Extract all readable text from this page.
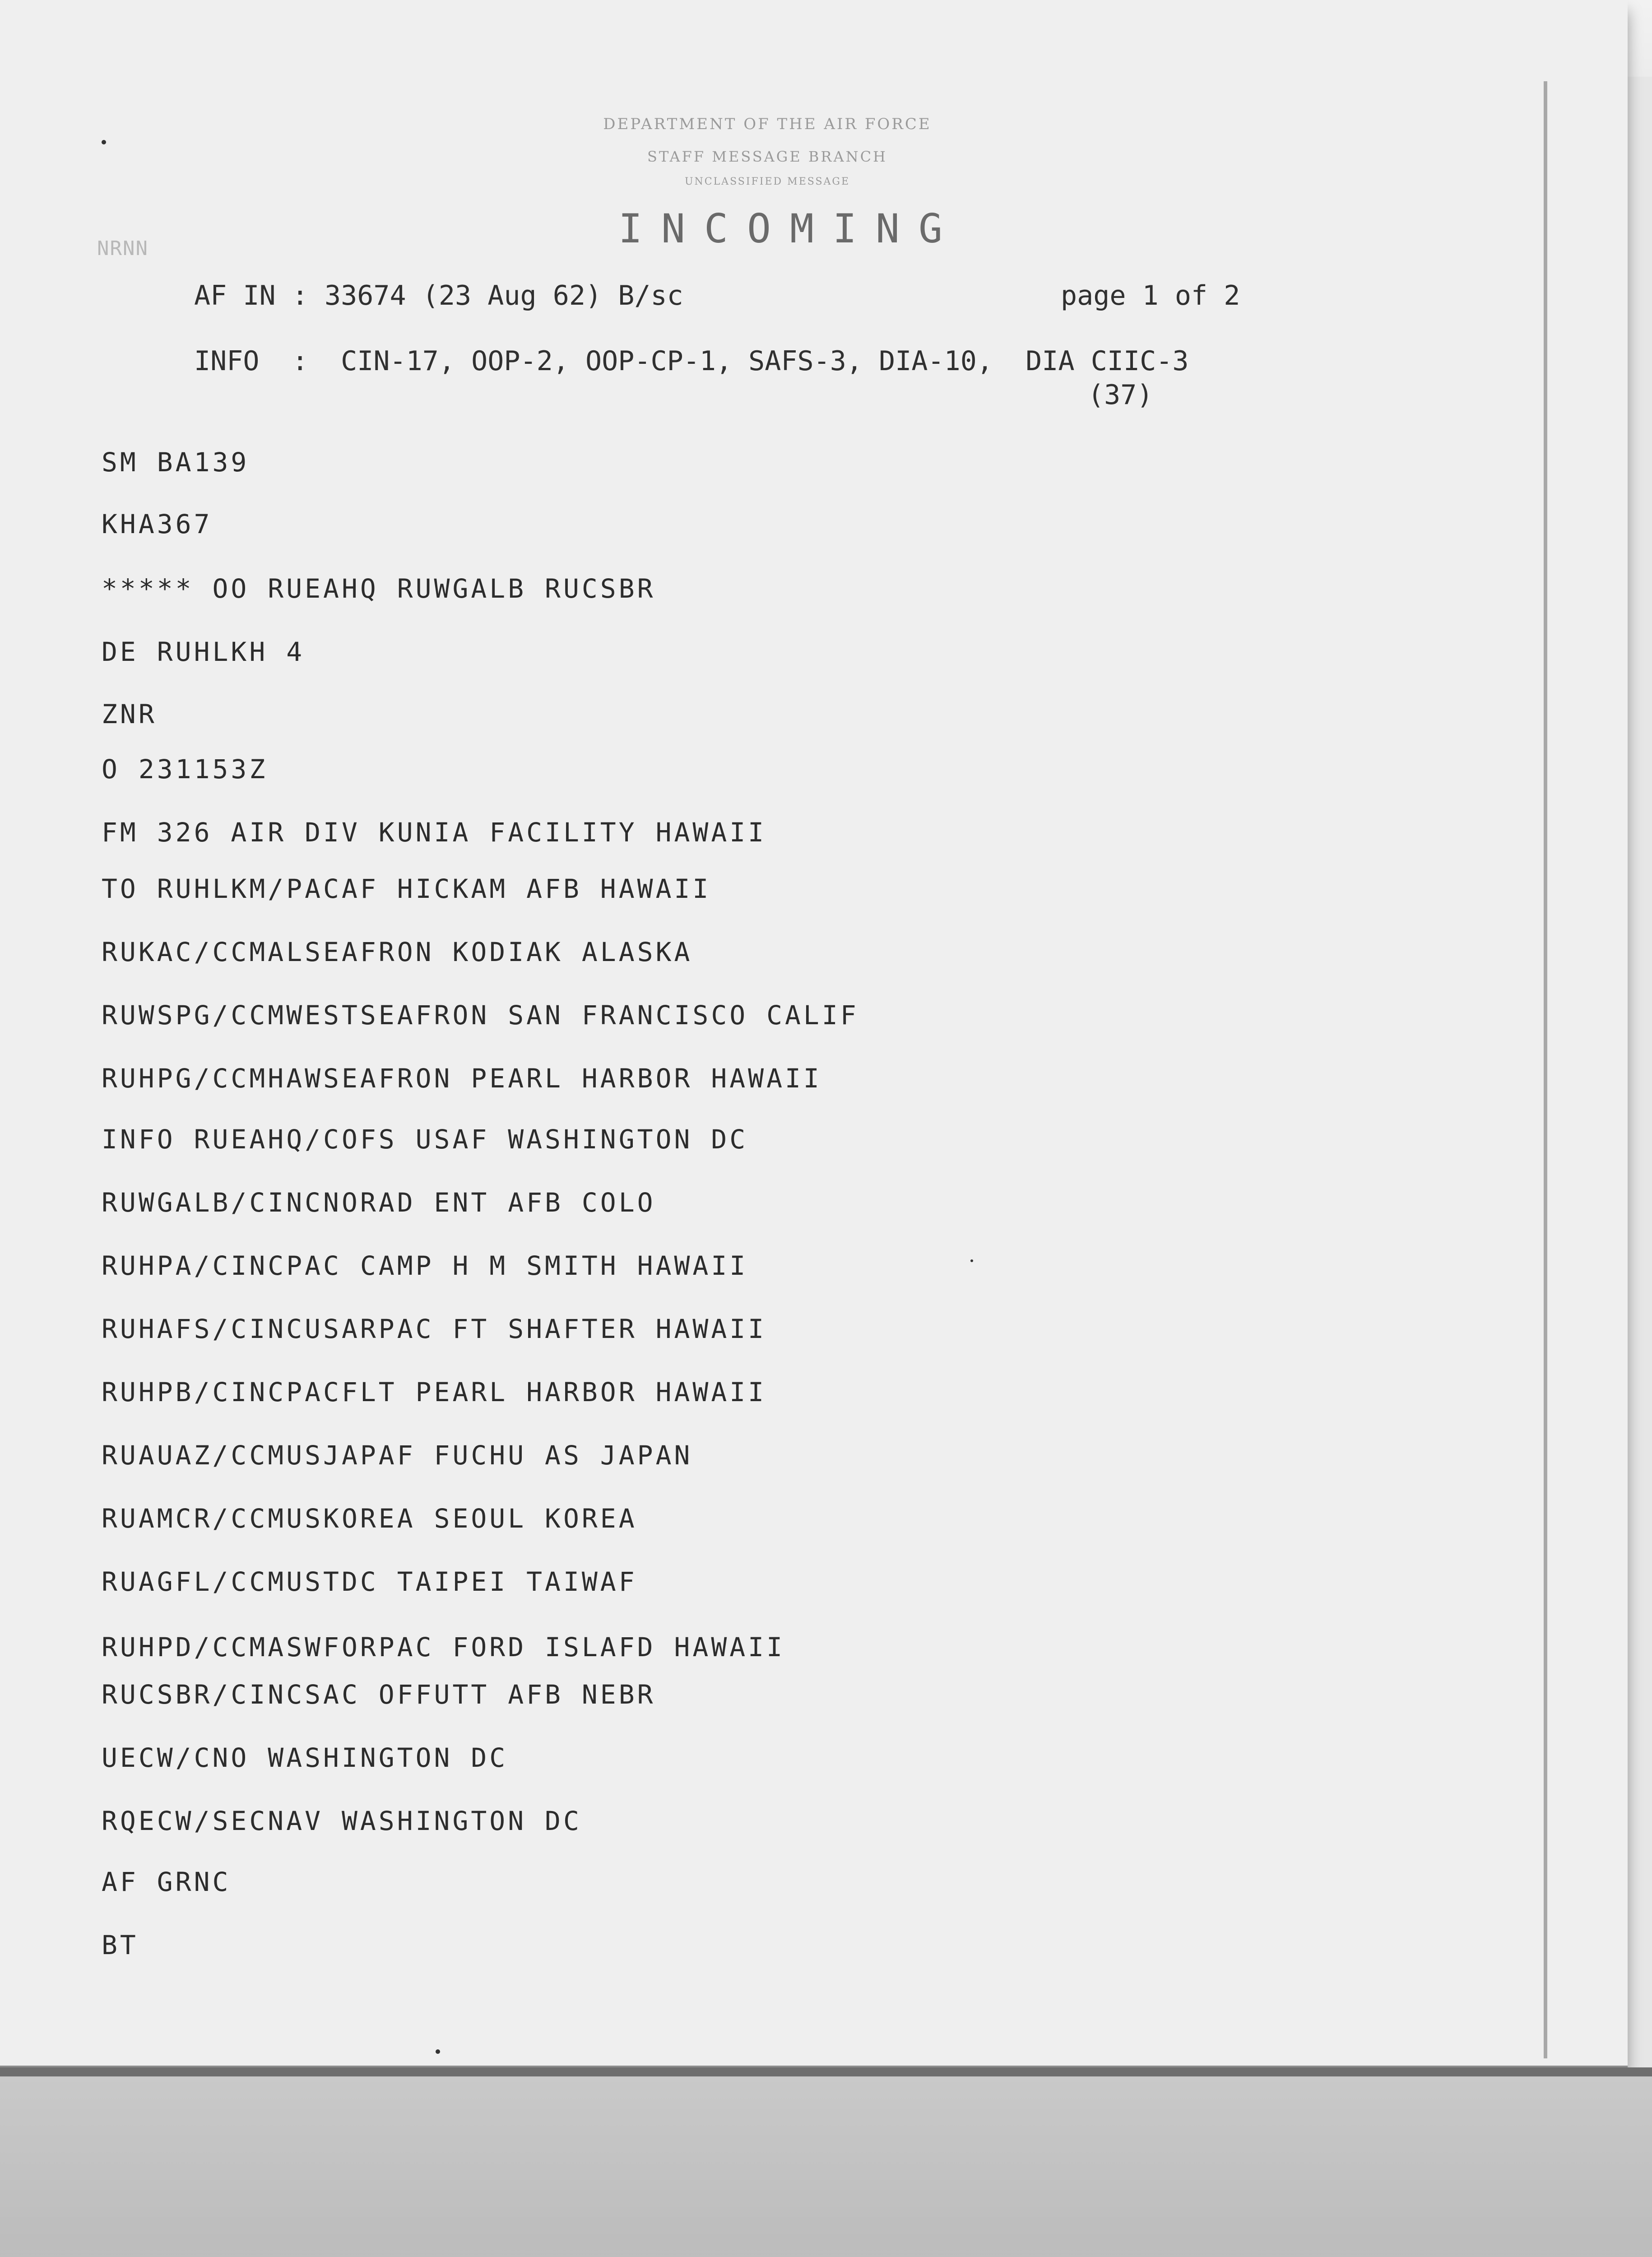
DEPARTMENT OF THE AIR FORCE
STAFF MESSAGE BRANCH
UNCLASSIFIED MESSAGE
INCOMING
NRNN
AF IN : 33674 (23 Aug 62) B/sc	page 1 of 2
INFO  :  CIN-17, OOP-2, OOP-CP-1, SAFS-3, DIA-10,  DIA CIIC-3
(37)
SM BA139
KHA367
***** OO RUEAHQ RUWGALB RUCSBR
DE RUHLKH 4
ZNR
O 231153Z
FM 326 AIR DIV KUNIA FACILITY HAWAII
TO RUHLKM/PACAF HICKAM AFB HAWAII
RUKAC/CCMALSEAFRON KODIAK ALASKA
RUWSPG/CCMWESTSEAFRON SAN FRANCISCO CALIF
RUHPG/CCMHAWSEAFRON PEARL HARBOR HAWAII
INFO RUEAHQ/COFS USAF WASHINGTON DC
RUWGALB/CINCNORAD ENT AFB COLO
RUHPA/CINCPAC CAMP H M SMITH HAWAII
RUHAFS/CINCUSARPAC FT SHAFTER HAWAII
RUHPB/CINCPACFLT PEARL HARBOR HAWAII
RUAUAZ/CCMUSJAPAF FUCHU AS JAPAN
RUAMCR/CCMUSKOREA SEOUL KOREA
RUAGFL/CCMUSTDC TAIPEI TAIWAF
RUHPD/CCMASWFORPAC FORD ISLAFD HAWAII
RUCSBR/CINCSAC OFFUTT AFB NEBR
UECW/CNO WASHINGTON DC
RQECW/SECNAV WASHINGTON DC
AF GRNC
BT
